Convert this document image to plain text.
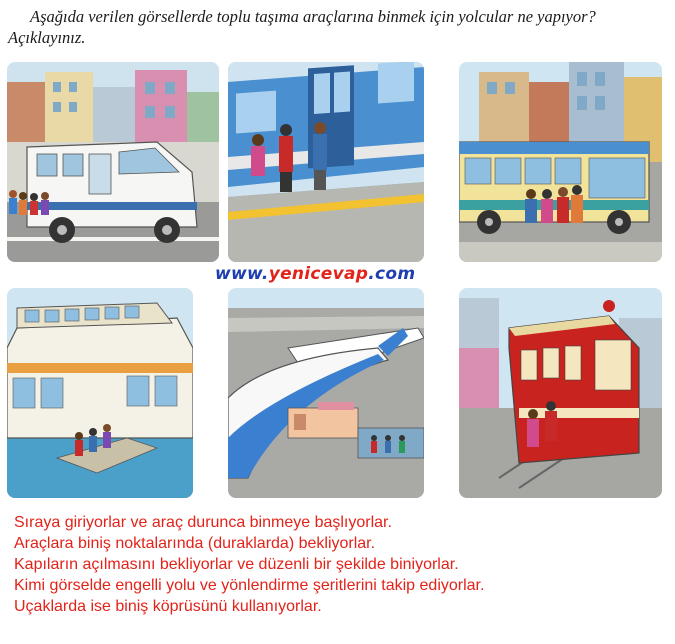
Aşağıda verilen görsellerde toplu taşıma araçlarına binmek için yolcular ne yapıyor? Açıklayınız.
www.yenicevap.com
Sıraya giriyorlar ve araç durunca binmeye başlıyorlar.
Araçlara biniş noktalarında (duraklarda) bekliyorlar.
Kapıların açılmasını bekliyorlar ve düzenli bir şekilde biniyorlar.
Kimi görselde engelli yolu ve yönlendirme şeritlerini takip ediyorlar.
Uçaklarda ise biniş köprüsünü kullanıyorlar.
